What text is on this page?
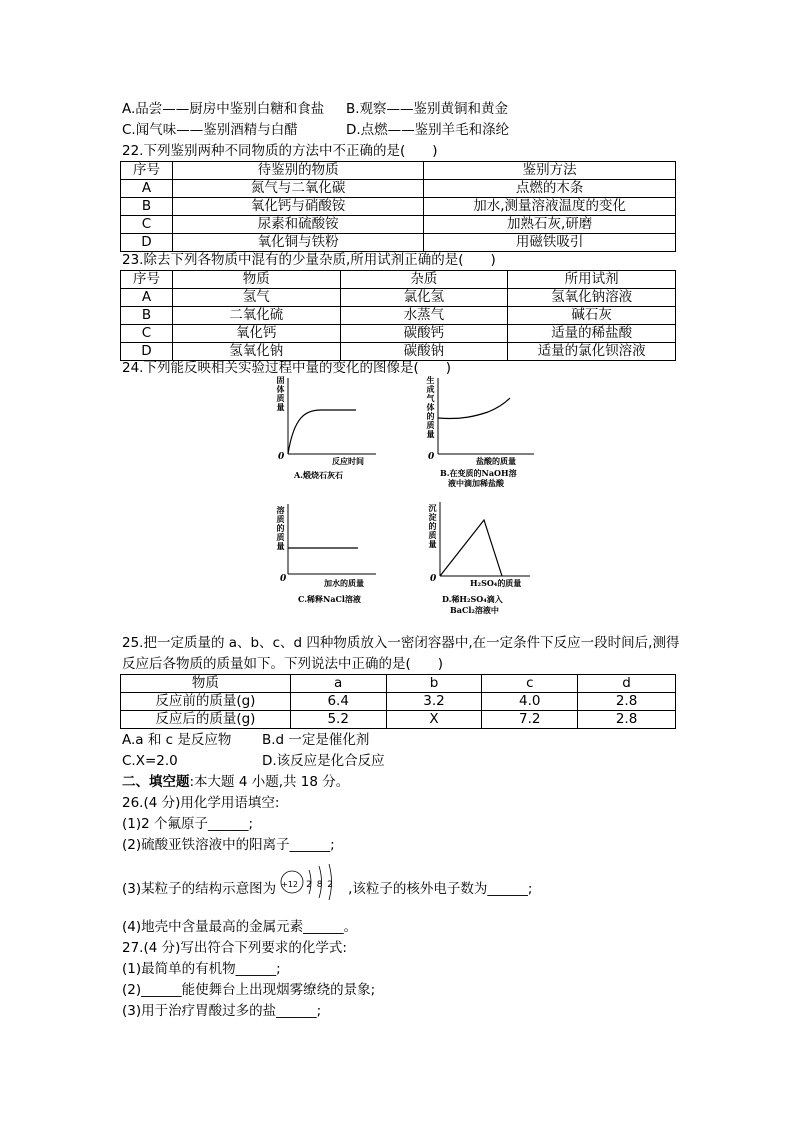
A.品尝——厨房中鉴别白糖和食盐 B.观察——鉴别黄铜和黄金
C.闻气味——鉴别酒精与白醋	D.点燃——鉴别羊毛和涤纶
22.下列鉴别两种不同物质的方法中不正确的是(　　)
序号	待鉴别的物质	鉴别方法
A	氮气与二氧化碳	点燃的木条
B	氧化钙与硝酸铵	加水,测量溶液温度的变化
C	尿素和硫酸铵	加熟石灰,研磨
D	氧化铜与铁粉	用磁铁吸引
23.除去下列各物质中混有的少量杂质,所用试剂正确的是(　　)
序号	物质	杂质	所用试剂
A	氢气	氯化氢	氢氧化钠溶液
B	二氧化硫	水蒸气	碱石灰
C	氧化钙	碳酸钙	适量的稀盐酸
D	氢氧化钠	碳酸钠	适量的氯化钡溶液
24.下列能反映相关实验过程中量的变化的图像是(　　)
固体质量
0	反应时间
A.煅烧石灰石
生成气体的质量
0	盐酸的质量
B.在变质的NaOH溶
液中滴加稀盐酸
溶质的质量
0	加水的质量
C.稀释NaCl溶液
沉淀的质量
0	H₂SO₄的质量
D.稀H₂SO₄滴入
BaCl₂溶液中
25.把一定质量的 a、b、c、d 四种物质放入一密闭容器中,在一定条件下反应一段时间后,测得
反应后各物质的质量如下。下列说法中正确的是(　　)
物质	a	b	c	d
反应前的质量(g)	6.4	3.2	4.0	2.8
反应后的质量(g)	5.2	X	7.2	2.8
A.a 和 c 是反应物 B.d 一定是催化剂
C.X=2.0	D.该反应是化合反应
二、填空题:本大题 4 小题,共 18 分。
26.(4 分)用化学用语填空:
(1)2 个氟原子______;
(2)硫酸亚铁溶液中的阳离子______;
(3)某粒子的结构示意图为 +12 2 8 2 ,该粒子的核外电子数为______;
(4)地壳中含量最高的金属元素______。
27.(4 分)写出符合下列要求的化学式:
(1)最简单的有机物______;
(2)______能使舞台上出现烟雾缭绕的景象;
(3)用于治疗胃酸过多的盐______;
